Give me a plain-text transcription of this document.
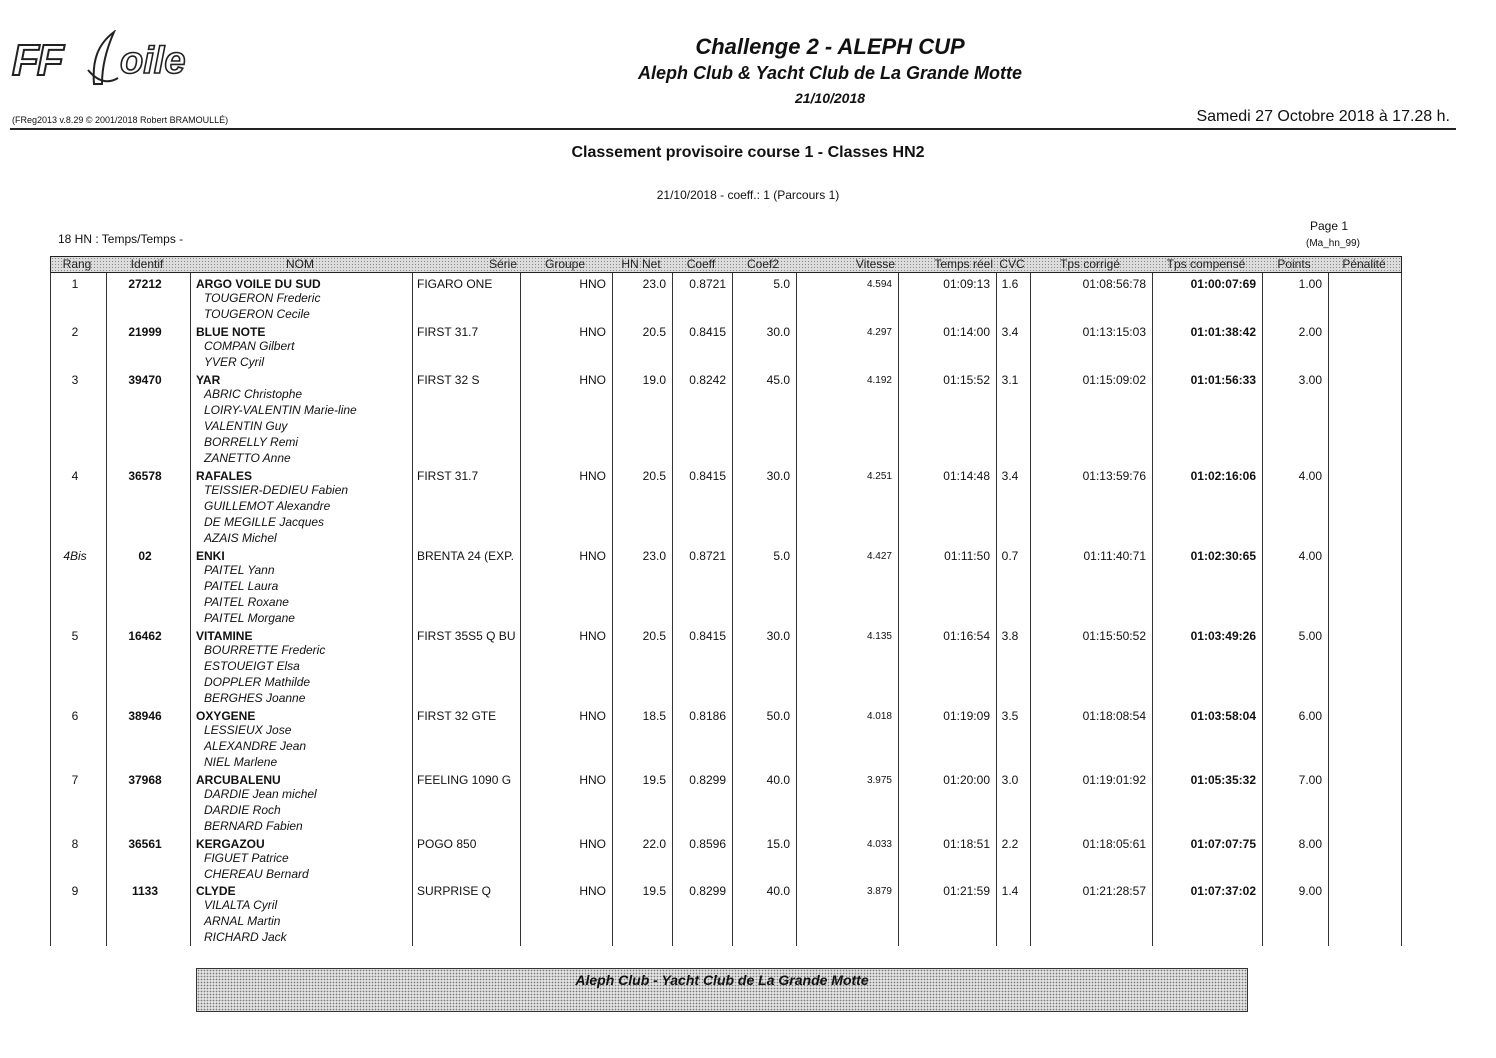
FF oile	Challenge 2 - ALEPH CUP
Aleph Club & Yacht Club de La Grande Motte
21/10/2018
(FReg2013 v.8.29 © 2001/2018 Robert BRAMOULLÉ)	Samedi 27 Octobre 2018 à 17.28 h.
Classement provisoire course 1 - Classes HN2
21/10/2018 - coeff.: 1 (Parcours 1)
18 HN : Temps/Temps -
Page 1
(Ma_hn_99)
Rang	Identif	NOM	Série	Groupe	HN Net	Coeff	Coef2	Vitesse	Temps réel CVC	Tps corrigé	Tps compensé	Points	Pénalité
1	27212	ARGO VOILE DU SUD	FIGARO ONE	HNO	23.0	0.8721	5.0	4.594	01:09:13 1.6	01:08:56:78	01:00:07:69	1.00
TOUGERON Frederic
TOUGERON Cecile
2	21999	BLUE NOTE	FIRST 31.7	HNO	20.5	0.8415	30.0	4.297	01:14:00 3.4	01:13:15:03	01:01:38:42	2.00
COMPAN Gilbert
YVER Cyril
3	39470	YAR	FIRST 32 S	HNO	19.0	0.8242	45.0	4.192	01:15:52 3.1	01:15:09:02	01:01:56:33	3.00
ABRIC Christophe
LOIRY-VALENTIN Marie-line
VALENTIN Guy
BORRELLY Remi
ZANETTO Anne
4	36578	RAFALES	FIRST 31.7	HNO	20.5	0.8415	30.0	4.251	01:14:48 3.4	01:13:59:76	01:02:16:06	4.00
TEISSIER-DEDIEU Fabien
GUILLEMOT Alexandre
DE MEGILLE Jacques
AZAIS Michel
4Bis	02	ENKI	BRENTA 24 (EXP.	HNO	23.0	0.8721	5.0	4.427	01:11:50 0.7	01:11:40:71	01:02:30:65	4.00
PAITEL Yann
PAITEL Laura
PAITEL Roxane
PAITEL Morgane
5	16462	VITAMINE	FIRST 35S5 Q BU	HNO	20.5	0.8415	30.0	4.135	01:16:54 3.8	01:15:50:52	01:03:49:26	5.00
BOURRETTE Frederic
ESTOUEIGT Elsa
DOPPLER Mathilde
BERGHES Joanne
6	38946	OXYGENE	FIRST 32 GTE	HNO	18.5	0.8186	50.0	4.018	01:19:09 3.5	01:18:08:54	01:03:58:04	6.00
LESSIEUX Jose
ALEXANDRE Jean
NIEL Marlene
7	37968	ARCUBALENU	FEELING 1090 G	HNO	19.5	0.8299	40.0	3.975	01:20:00 3.0	01:19:01:92	01:05:35:32	7.00
DARDIE Jean michel
DARDIE Roch
BERNARD Fabien
8	36561	KERGAZOU	POGO 850	HNO	22.0	0.8596	15.0	4.033	01:18:51 2.2	01:18:05:61	01:07:07:75	8.00
FIGUET Patrice
CHEREAU Bernard
9	1133	CLYDE	SURPRISE Q	HNO	19.5	0.8299	40.0	3.879	01:21:59 1.4	01:21:28:57	01:07:37:02	9.00
VILALTA Cyril
ARNAL Martin
RICHARD Jack
Aleph Club - Yacht Club de La Grande Motte
